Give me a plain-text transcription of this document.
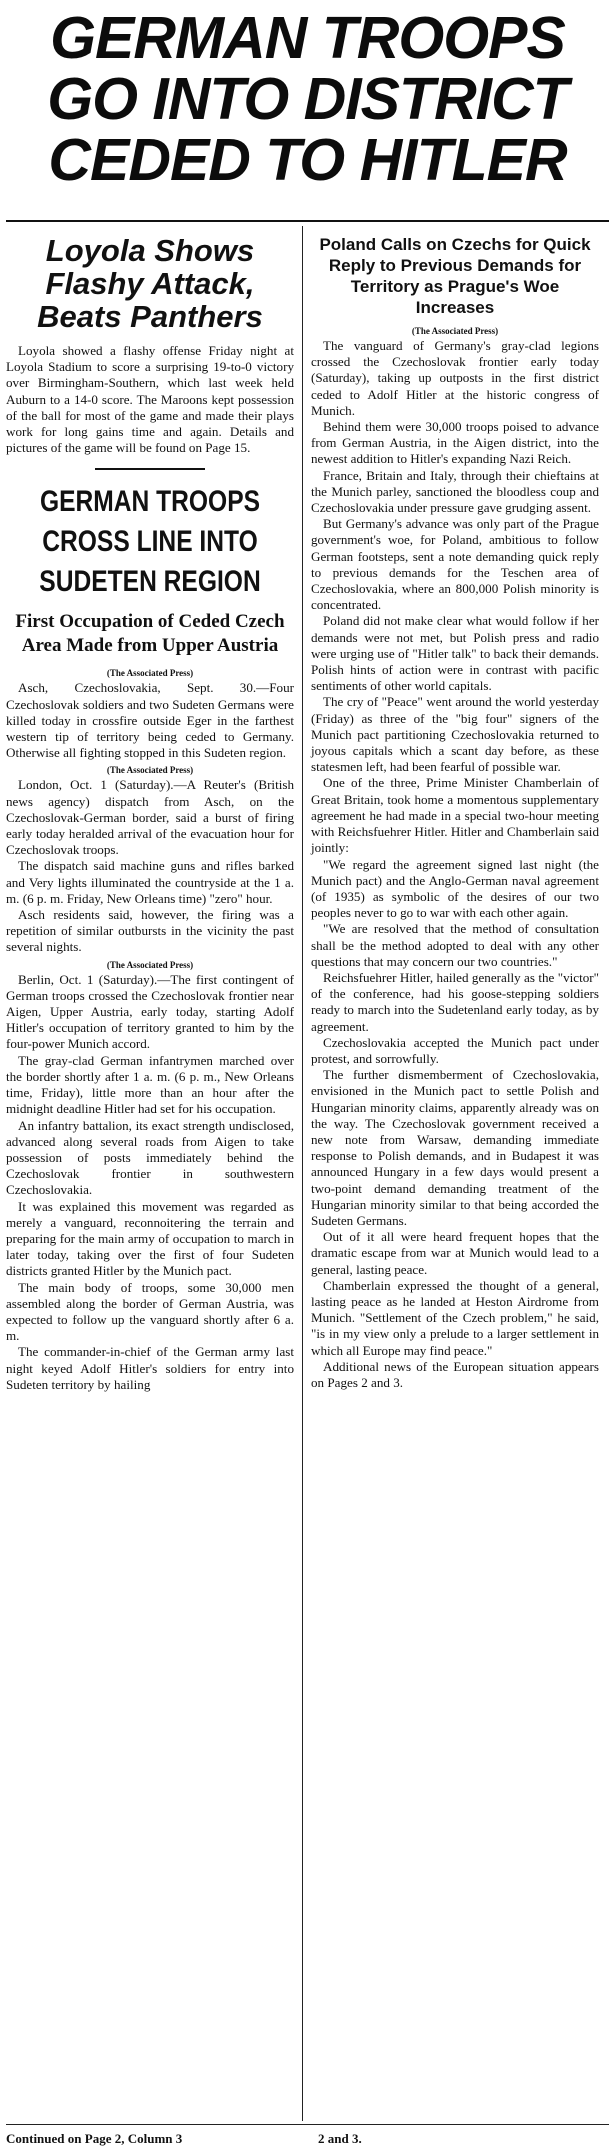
GERMAN TROOPS
GO INTO DISTRICT
CEDED TO HITLER
Loyola Shows
Flashy Attack,
Beats Panthers

Loyola showed a flashy offense Friday night at Loyola Stadium to score a surprising 19-to-0 victory over Birmingham-Southern, which last week held Auburn to a 14-0 score. The Maroons kept possession of the ball for most of the game and made their plays work for long gains time and again. Details and pictures of the game will be found on Page 15.

GERMAN TROOPS
CROSS LINE INTO
SUDETEN REGION
First Occupation of Ceded Czech Area Made from Upper Austria
(The Associated Press)

Asch, Czechoslovakia, Sept. 30.—Four Czechoslovak soldiers and two Sudeten Germans were killed today in crossfire outside Eger in the farthest western tip of territory being ceded to Germany. Otherwise all fighting stopped in this Sudeten region.

(The Associated Press)

London, Oct. 1 (Saturday).—A Reuter's (British news agency) dispatch from Asch, on the Czechoslovak-German border, said a burst of firing early today heralded arrival of the evacuation hour for Czechoslovak troops.

The dispatch said machine guns and rifles barked and Very lights illuminated the countryside at the 1 a. m. (6 p. m. Friday, New Orleans time) "zero" hour.

Asch residents said, however, the firing was a repetition of similar outbursts in the vicinity the past several nights.

(The Associated Press)

Berlin, Oct. 1 (Saturday).—The first contingent of German troops crossed the Czechoslovak frontier near Aigen, Upper Austria, early today, starting Adolf Hitler's occupation of territory granted to him by the four-power Munich accord.

The gray-clad German infantrymen marched over the border shortly after 1 a. m. (6 p. m., New Orleans time, Friday), little more than an hour after the midnight deadline Hitler had set for his occupation.

An infantry battalion, its exact strength undisclosed, advanced along several roads from Aigen to take possession of posts immediately behind the Czechoslovak frontier in southwestern Czechoslovakia.

It was explained this movement was regarded as merely a vanguard, reconnoitering the terrain and preparing for the main army of occupation to march in later today, taking over the first of four Sudeten districts granted Hitler by the Munich pact.

The main body of troops, some 30,000 men assembled along the border of German Austria, was expected to follow up the vanguard shortly after 6 a. m.

The commander-in-chief of the German army last night keyed Adolf Hitler's soldiers for entry into Sudeten territory by hailing

Poland Calls on Czechs for Quick Reply to Previous Demands for Territory as Prague's Woe Increases
(The Associated Press)

The vanguard of Germany's gray-clad legions crossed the Czechoslovak frontier early today (Saturday), taking up outposts in the first district ceded to Adolf Hitler at the historic congress of Munich.

Behind them were 30,000 troops poised to advance from German Austria, in the Aigen district, into the newest addition to Hitler's expanding Nazi Reich.

France, Britain and Italy, through their chieftains at the Munich parley, sanctioned the bloodless coup and Czechoslovakia under pressure gave grudging assent.

But Germany's advance was only part of the Prague government's woe, for Poland, ambitious to follow German footsteps, sent a note demanding quick reply to previous demands for the Teschen area of Czechoslovakia, where an 800,000 Polish minority is concentrated.

Poland did not make clear what would follow if her demands were not met, but Polish press and radio were urging use of "Hitler talk" to back their demands. Polish hints of action were in contrast with pacific sentiments of other world capitals.

The cry of "Peace" went around the world yesterday (Friday) as three of the "big four" signers of the Munich pact partitioning Czechoslovakia returned to joyous capitals which a scant day before, as these statesmen left, had been fearful of possible war.

One of the three, Prime Minister Chamberlain of Great Britain, took home a momentous supplementary agreement he had made in a special two-hour meeting with Reichsfuehrer Hitler. Hitler and Chamberlain said jointly:

"We regard the agreement signed last night (the Munich pact) and the Anglo-German naval agreement (of 1935) as symbolic of the desires of our two peoples never to go to war with each other again.

"We are resolved that the method of consultation shall be the method adopted to deal with any other questions that may concern our two countries."

Reichsfuehrer Hitler, hailed generally as the "victor" of the conference, had his goose-stepping soldiers ready to march into the Sudetenland early today, as by agreement.

Czechoslovakia accepted the Munich pact under protest, and sorrowfully.

The further dismemberment of Czechoslovakia, envisioned in the Munich pact to settle Polish and Hungarian minority claims, apparently already was on the way. The Czechoslovak government received a new note from Warsaw, demanding immediate response to Polish demands, and in Budapest it was announced Hungary in a few days would present a two-point demand demanding treatment of the Hungarian minority similar to that being accorded the Sudeten Germans.

Out of it all were heard frequent hopes that the dramatic escape from war at Munich would lead to a general, lasting peace.

Chamberlain expressed the thought of a general, lasting peace as he landed at Heston Airdrome from Munich. "Settlement of the Czech problem," he said, "is in my view only a prelude to a larger settlement in which all Europe may find peace."

Additional news of the European situation appears on Pages 2 and 3.

Continued on Page 2, Column 3	2 and 3.
